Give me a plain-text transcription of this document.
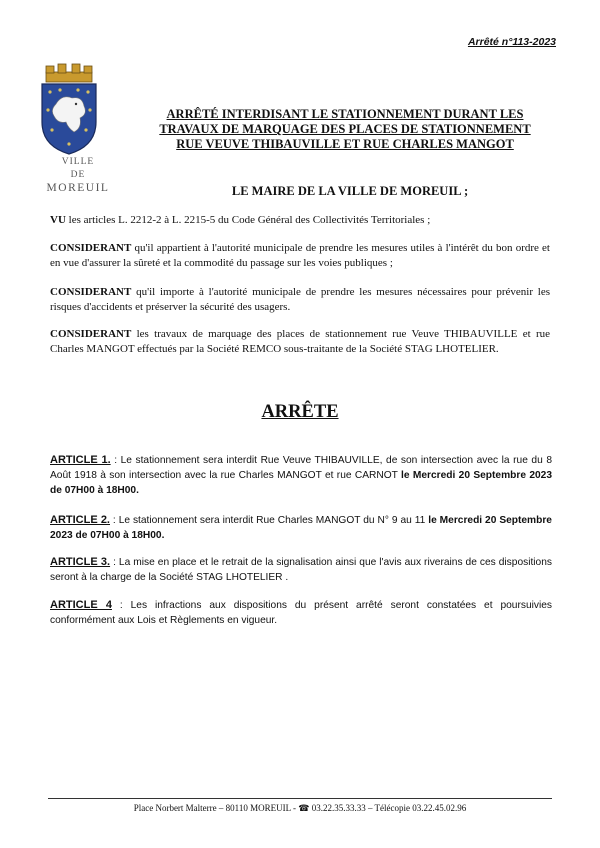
Arrêté n°113-2023
VILLE
DE
MOREUIL
ARRÊTÉ INTERDISANT LE STATIONNEMENT DURANT LES
TRAVAUX DE MARQUAGE DES PLACES DE STATIONNEMENT
RUE VEUVE THIBAUVILLE ET RUE CHARLES MANGOT
LE MAIRE DE LA VILLE DE MOREUIL ;
VU les articles L. 2212-2 à L. 2215-5 du Code Général des Collectivités Territoriales ;
CONSIDERANT qu'il appartient à l'autorité municipale de prendre les mesures utiles à l'intérêt du bon ordre et en vue d'assurer la sûreté et la commodité du passage sur les voies publiques ;
CONSIDERANT qu'il importe à l'autorité municipale de prendre les mesures nécessaires pour prévenir les risques d'accidents et préserver la sécurité des usagers.
CONSIDERANT les travaux de marquage des places de stationnement rue Veuve THIBAUVILLE et rue Charles MANGOT effectués par la Société REMCO sous-traitante de la Société STAG LHOTELIER.
ARRÊTE
ARTICLE 1. : Le stationnement sera interdit Rue Veuve THIBAUVILLE, de son intersection avec la rue du 8 Août 1918 à son intersection avec la rue Charles MANGOT et rue CARNOT le Mercredi 20 Septembre 2023 de 07H00 à 18H00.
ARTICLE 2. : Le stationnement sera interdit Rue Charles MANGOT du N° 9 au 11 le Mercredi 20 Septembre 2023 de 07H00 à 18H00.
ARTICLE 3. : La mise en place et le retrait de la signalisation ainsi que l'avis aux riverains de ces dispositions seront à la charge de la Société STAG LHOTELIER .
ARTICLE 4 : Les infractions aux dispositions du présent arrêté seront constatées et poursuivies conformément aux Lois et Règlements en vigueur.
Place Norbert Malterre – 80110 MOREUIL - ☎ 03.22.35.33.33 – Télécopie 03.22.45.02.96
